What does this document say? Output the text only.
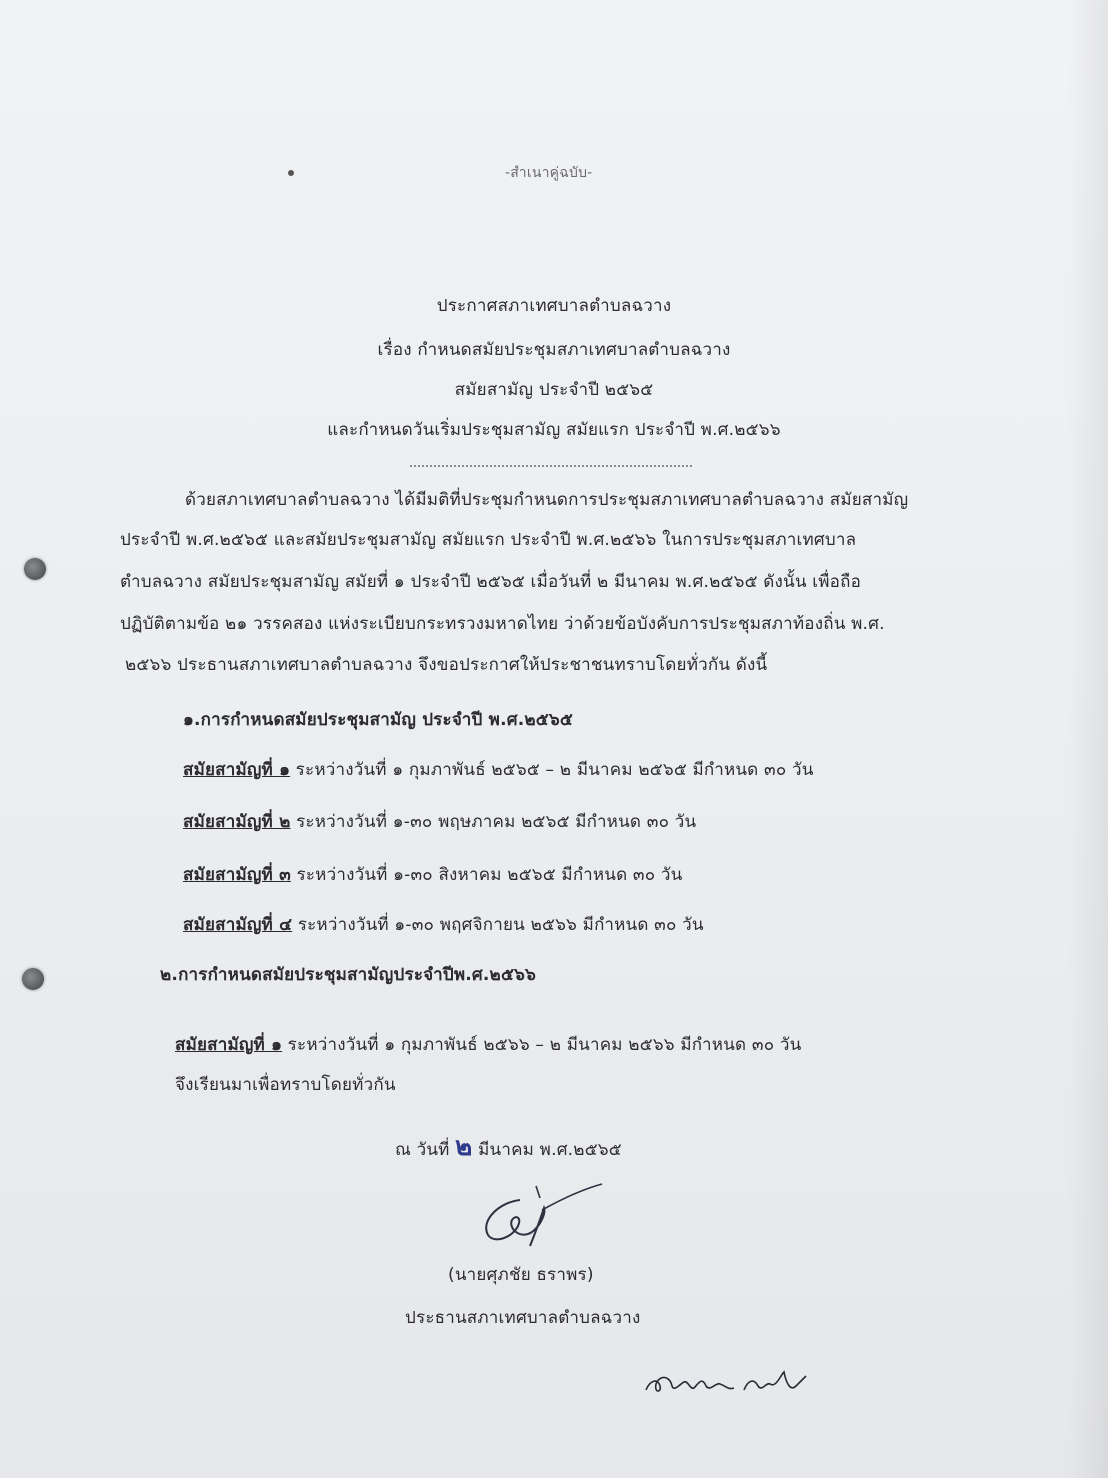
-สำเนาคู่ฉบับ-
ประกาศสภาเทศบาลตำบลฉวาง
เรื่อง กำหนดสมัยประชุมสภาเทศบาลตำบลฉวาง
สมัยสามัญ ประจำปี ๒๕๖๕
และกำหนดวันเริ่มประชุมสามัญ สมัยแรก ประจำปี พ.ศ.๒๕๖๖
ด้วยสภาเทศบาลตำบลฉวาง ได้มีมติที่ประชุมกำหนดการประชุมสภาเทศบาลตำบลฉวาง สมัยสามัญ
ประจำปี พ.ศ.๒๕๖๕ และสมัยประชุมสามัญ สมัยแรก ประจำปี พ.ศ.๒๕๖๖ ในการประชุมสภาเทศบาล
ตำบลฉวาง สมัยประชุมสามัญ สมัยที่ ๑ ประจำปี ๒๕๖๕ เมื่อวันที่ ๒ มีนาคม พ.ศ.๒๕๖๕ ดังนั้น เพื่อถือ
ปฏิบัติตามข้อ ๒๑ วรรคสอง แห่งระเบียบกระทรวงมหาดไทย ว่าด้วยข้อบังคับการประชุมสภาท้องถิ่น พ.ศ.
๒๕๖๖ ประธานสภาเทศบาลตำบลฉวาง จึงขอประกาศให้ประชาชนทราบโดยทั่วกัน ดังนี้
๑.การกำหนดสมัยประชุมสามัญ ประจำปี พ.ศ.๒๕๖๕
สมัยสามัญที่ ๑ ระหว่างวันที่ ๑ กุมภาพันธ์ ๒๕๖๕ – ๒ มีนาคม ๒๕๖๕ มีกำหนด ๓๐ วัน
สมัยสามัญที่ ๒ ระหว่างวันที่ ๑-๓๐ พฤษภาคม ๒๕๖๕ มีกำหนด ๓๐ วัน
สมัยสามัญที่ ๓ ระหว่างวันที่ ๑-๓๐ สิงหาคม ๒๕๖๕ มีกำหนด ๓๐ วัน
สมัยสามัญที่ ๔ ระหว่างวันที่ ๑-๓๐ พฤศจิกายน ๒๕๖๖ มีกำหนด ๓๐ วัน
๒.การกำหนดสมัยประชุมสามัญประจำปีพ.ศ.๒๕๖๖
สมัยสามัญที่ ๑ ระหว่างวันที่ ๑ กุมภาพันธ์ ๒๕๖๖ – ๒ มีนาคม ๒๕๖๖ มีกำหนด ๓๐ วัน
จึงเรียนมาเพื่อทราบโดยทั่วกัน
ณ วันที่ ๒ มีนาคม พ.ศ.๒๕๖๕
(นายศุภชัย ธราพร)
ประธานสภาเทศบาลตำบลฉวาง
